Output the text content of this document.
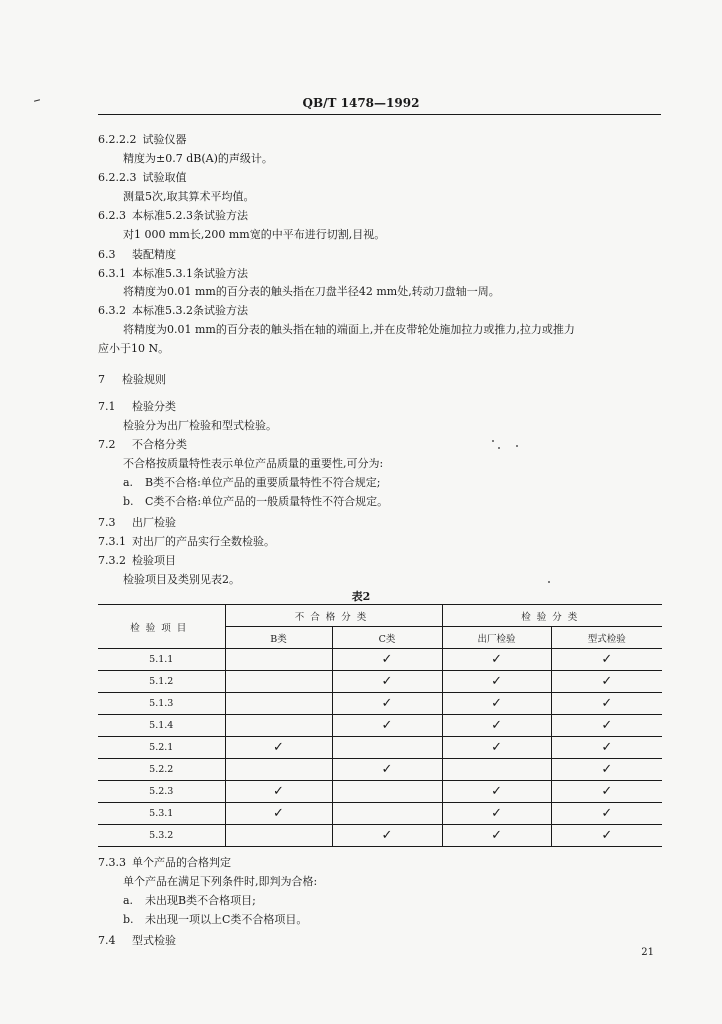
QB/T 1478—1992
6.2.2.2 试验仪器
精度为±0.7 dB(A)的声级计。
6.2.2.3 试验取值
测量5次,取其算术平均值。
6.2.3 本标准5.2.3条试验方法
对1 000 mm长,200 mm宽的中平布进行切割,目视。
6.3 装配精度
6.3.1 本标准5.3.1条试验方法
将精度为0.01 mm的百分表的触头指在刀盘半径42 mm处,转动刀盘轴一周。
6.3.2 本标准5.3.2条试验方法
将精度为0.01 mm的百分表的触头指在轴的端面上,并在皮带轮处施加拉力或推力,拉力或推力
应小于10 N。
7 检验规则
7.1 检验分类
检验分为出厂检验和型式检验。
7.2 不合格分类
不合格按质量特性表示单位产品质量的重要性,可分为:
a. B类不合格:单位产品的重要质量特性不符合规定;
b. C类不合格:单位产品的一般质量特性不符合规定。
7.3 出厂检验
7.3.1 对出厂的产品实行全数检验。
7.3.2 检验项目
检验项目及类别见表2。
表2
检验项目	不合格分类		检验分类	
	B类	C类	出厂检验	型式检验
5.1.1		✓	✓	✓
5.1.2		✓	✓	✓
5.1.3		✓	✓	✓
5.1.4		✓	✓	✓
5.2.1	✓		✓	✓
5.2.2		✓		✓
5.2.3	✓		✓	✓
5.3.1	✓		✓	✓
5.3.2		✓	✓	✓
7.3.3 单个产品的合格判定
单个产品在满足下列条件时,即判为合格:
a. 未出现B类不合格项目;
b. 未出现一项以上C类不合格项目。
7.4 型式检验
21
